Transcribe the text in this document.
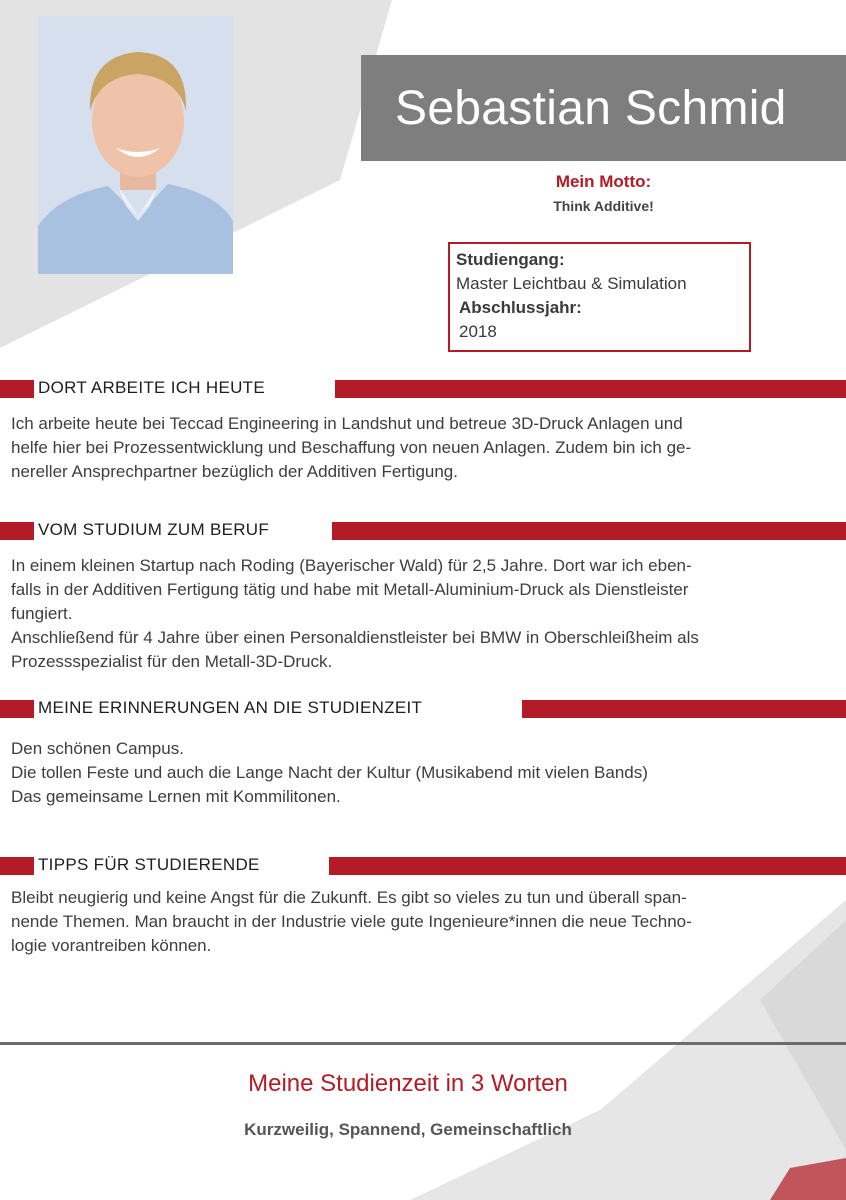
Sebastian Schmid
Mein Motto:
Think Additive!
Studiengang:
Master Leichtbau & Simulation
Abschlussjahr:
2018
DORT ARBEITE ICH HEUTE

Ich arbeite heute bei Teccad Engineering in Landshut und betreue 3D-Druck Anlagen und

helfe hier bei Prozessentwicklung und Beschaffung von neuen Anlagen. Zudem bin ich ge-

nereller Ansprechpartner bezüglich der Additiven Fertigung.

VOM STUDIUM ZUM BERUF

In einem kleinen Startup nach Roding (Bayerischer Wald) für 2,5 Jahre. Dort war ich eben-

falls in der Additiven Fertigung tätig und habe mit Metall-Aluminium-Druck als Dienstleister

fungiert.

Anschließend für 4 Jahre über einen Personaldienstleister bei BMW in Oberschleißheim als

Prozessspezialist für den Metall-3D-Druck.

MEINE ERINNERUNGEN AN DIE STUDIENZEIT

Den schönen Campus.

Die tollen Feste und auch die Lange Nacht der Kultur (Musikabend mit vielen Bands)

Das gemeinsame Lernen mit Kommilitonen.

TIPPS FÜR STUDIERENDE

Bleibt neugierig und keine Angst für die Zukunft. Es gibt so vieles zu tun und überall span-

nende Themen. Man braucht in der Industrie viele gute Ingenieure*innen die neue Techno-

logie vorantreiben können.

Meine Studienzeit in 3 Worten
Kurzweilig, Spannend, Gemeinschaftlich
